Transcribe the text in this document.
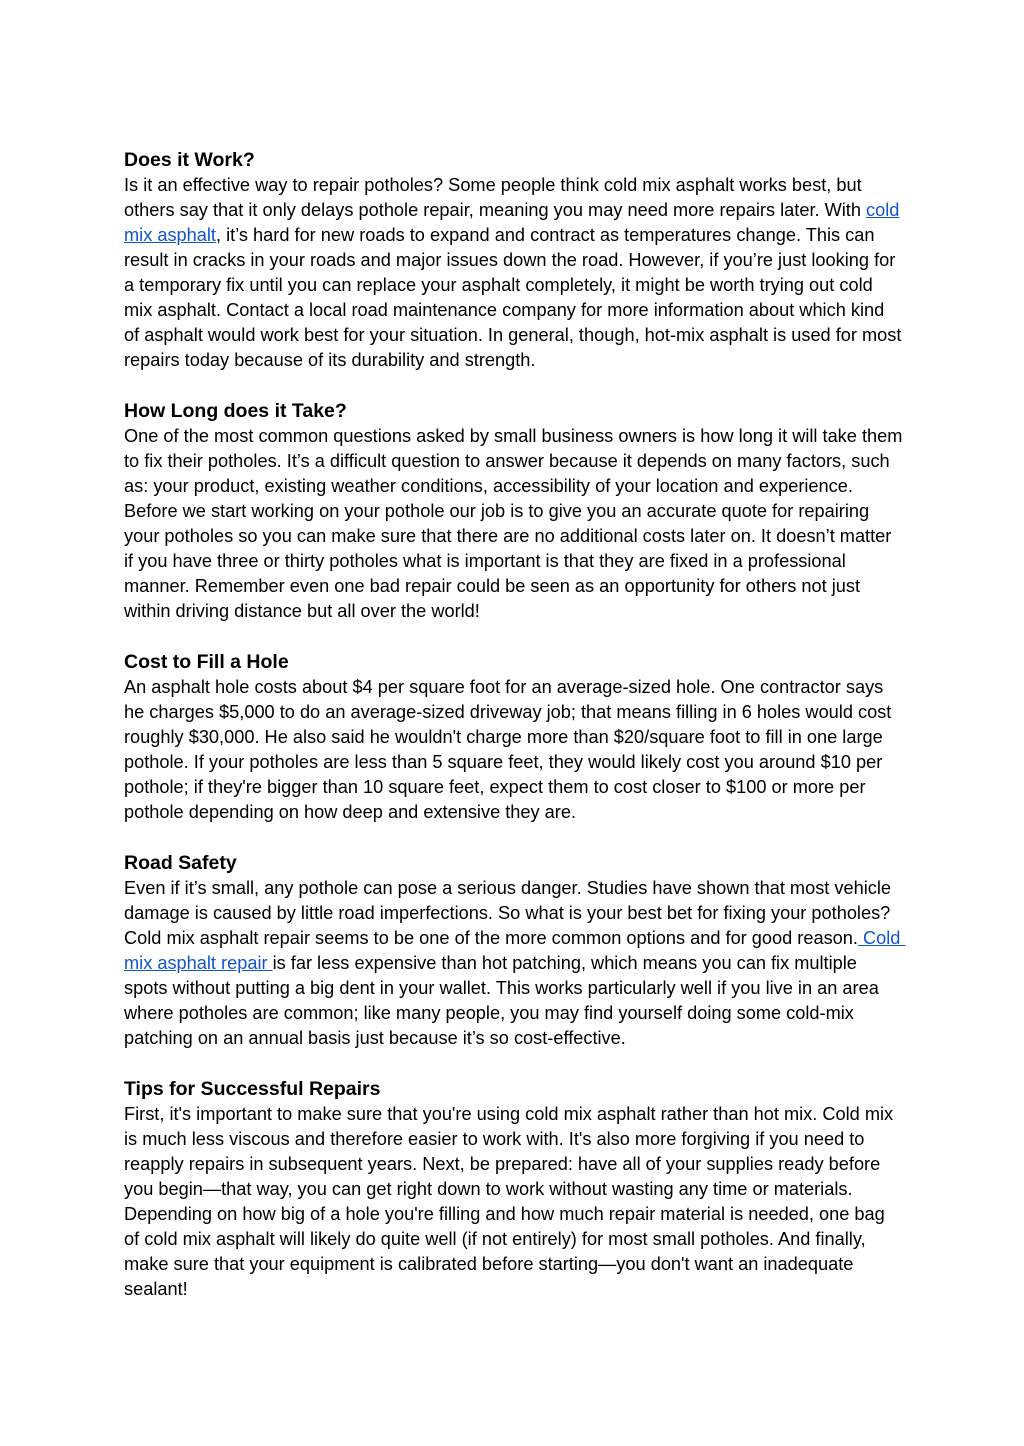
Does it Work?

Is it an effective way to repair potholes? Some people think cold mix asphalt works best, but others say that it only delays pothole repair, meaning you may need more repairs later. With cold mix asphalt, it’s hard for new roads to expand and contract as temperatures change. This can result in cracks in your roads and major issues down the road. However, if you’re just looking for a temporary fix until you can replace your asphalt completely, it might be worth trying out cold mix asphalt. Contact a local road maintenance company for more information about which kind of asphalt would work best for your situation. In general, though, hot-mix asphalt is used for most repairs today because of its durability and strength.

How Long does it Take?

One of the most common questions asked by small business owners is how long it will take them to fix their potholes. It’s a difficult question to answer because it depends on many factors, such as: your product, existing weather conditions, accessibility of your location and experience. Before we start working on your pothole our job is to give you an accurate quote for repairing your potholes so you can make sure that there are no additional costs later on. It doesn’t matter if you have three or thirty potholes what is important is that they are fixed in a professional manner. Remember even one bad repair could be seen as an opportunity for others not just within driving distance but all over the world!

Cost to Fill a Hole

An asphalt hole costs about $4 per square foot for an average-sized hole. One contractor says he charges $5,000 to do an average-sized driveway job; that means filling in 6 holes would cost roughly $30,000. He also said he wouldn't charge more than $20/square foot to fill in one large pothole. If your potholes are less than 5 square feet, they would likely cost you around $10 per pothole; if they're bigger than 10 square feet, expect them to cost closer to $100 or more per pothole depending on how deep and extensive they are.

Road Safety

Even if it’s small, any pothole can pose a serious danger. Studies have shown that most vehicle damage is caused by little road imperfections. So what is your best bet for fixing your potholes? Cold mix asphalt repair seems to be one of the more common options and for good reason. Cold mix asphalt repair is far less expensive than hot patching, which means you can fix multiple spots without putting a big dent in your wallet. This works particularly well if you live in an area where potholes are common; like many people, you may find yourself doing some cold-mix patching on an annual basis just because it’s so cost-effective.

Tips for Successful Repairs

First, it's important to make sure that you're using cold mix asphalt rather than hot mix. Cold mix is much less viscous and therefore easier to work with. It's also more forgiving if you need to reapply repairs in subsequent years. Next, be prepared: have all of your supplies ready before you begin—that way, you can get right down to work without wasting any time or materials. Depending on how big of a hole you're filling and how much repair material is needed, one bag of cold mix asphalt will likely do quite well (if not entirely) for most small potholes. And finally, make sure that your equipment is calibrated before starting—you don't want an inadequate sealant!
